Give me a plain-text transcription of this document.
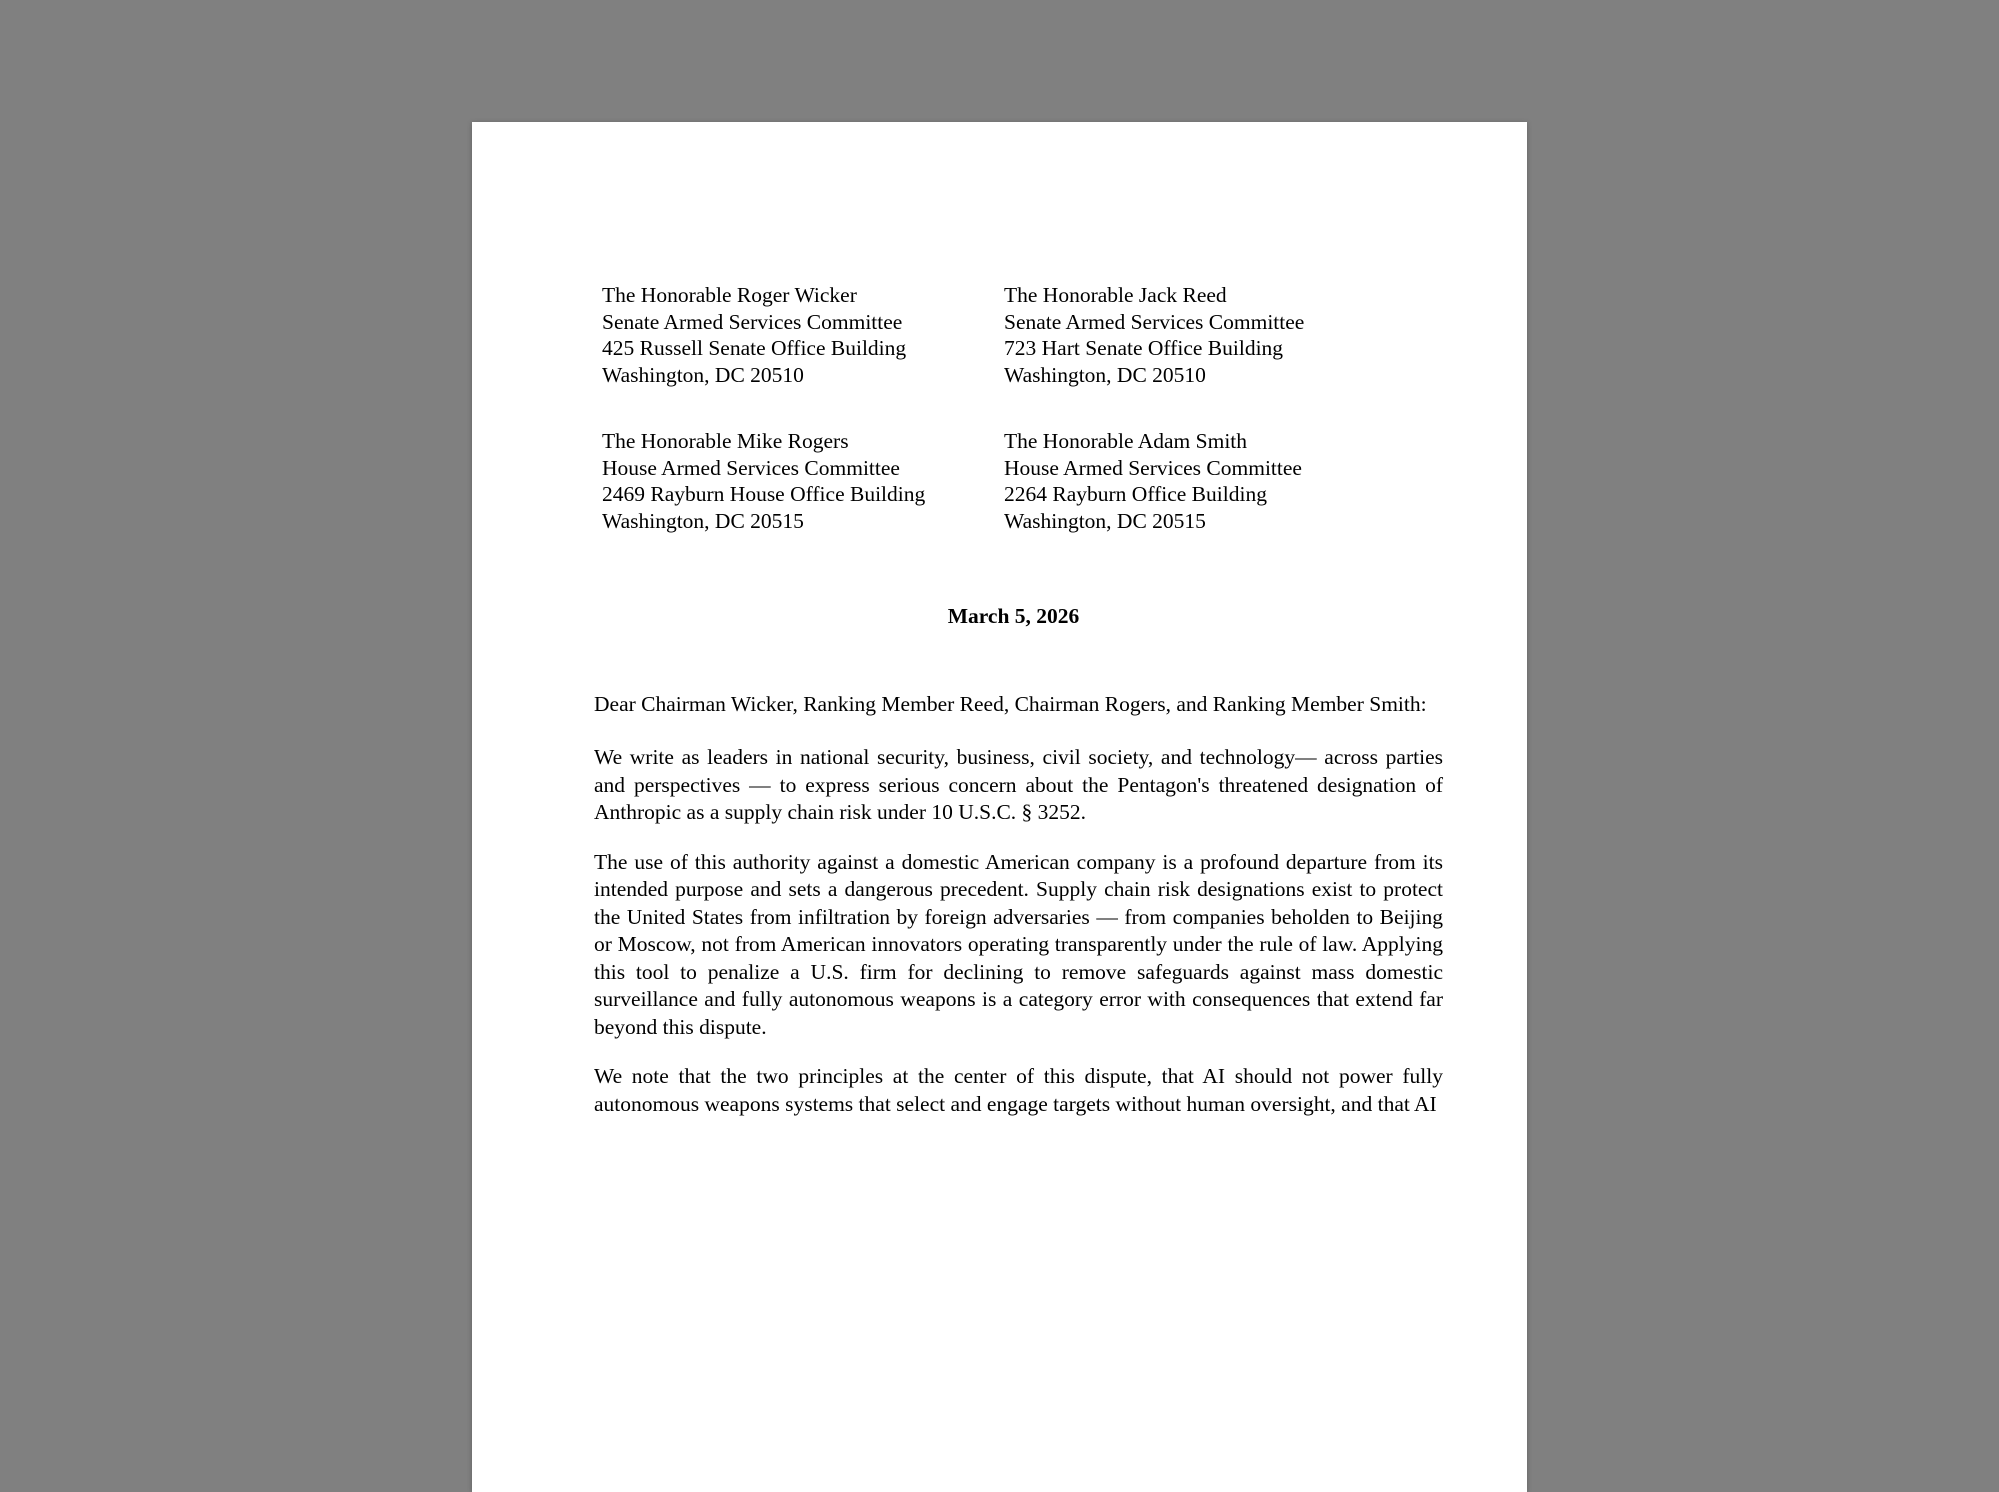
The Honorable Roger Wicker
Senate Armed Services Committee
425 Russell Senate Office Building
Washington, DC 20510
The Honorable Jack Reed
Senate Armed Services Committee
723 Hart Senate Office Building
Washington, DC 20510
The Honorable Mike Rogers
House Armed Services Committee
2469 Rayburn House Office Building
Washington, DC 20515
The Honorable Adam Smith
House Armed Services Committee
2264 Rayburn Office Building
Washington, DC 20515
March 5, 2026
Dear Chairman Wicker, Ranking Member Reed, Chairman Rogers, and Ranking Member Smith:

We write as leaders in national security, business, civil society, and technology— across parties and perspectives — to express serious concern about the Pentagon's threatened designation of Anthropic as a supply chain risk under 10 U.S.C. § 3252.

The use of this authority against a domestic American company is a profound departure from its intended purpose and sets a dangerous precedent. Supply chain risk designations exist to protect the United States from infiltration by foreign adversaries — from companies beholden to Beijing or Moscow, not from American innovators operating transparently under the rule of law. Applying this tool to penalize a U.S. firm for declining to remove safeguards against mass domestic surveillance and fully autonomous weapons is a category error with consequences that extend far beyond this dispute.

We note that the two principles at the center of this dispute, that AI should not power fully autonomous weapons systems that select and engage targets without human oversight, and that AI
